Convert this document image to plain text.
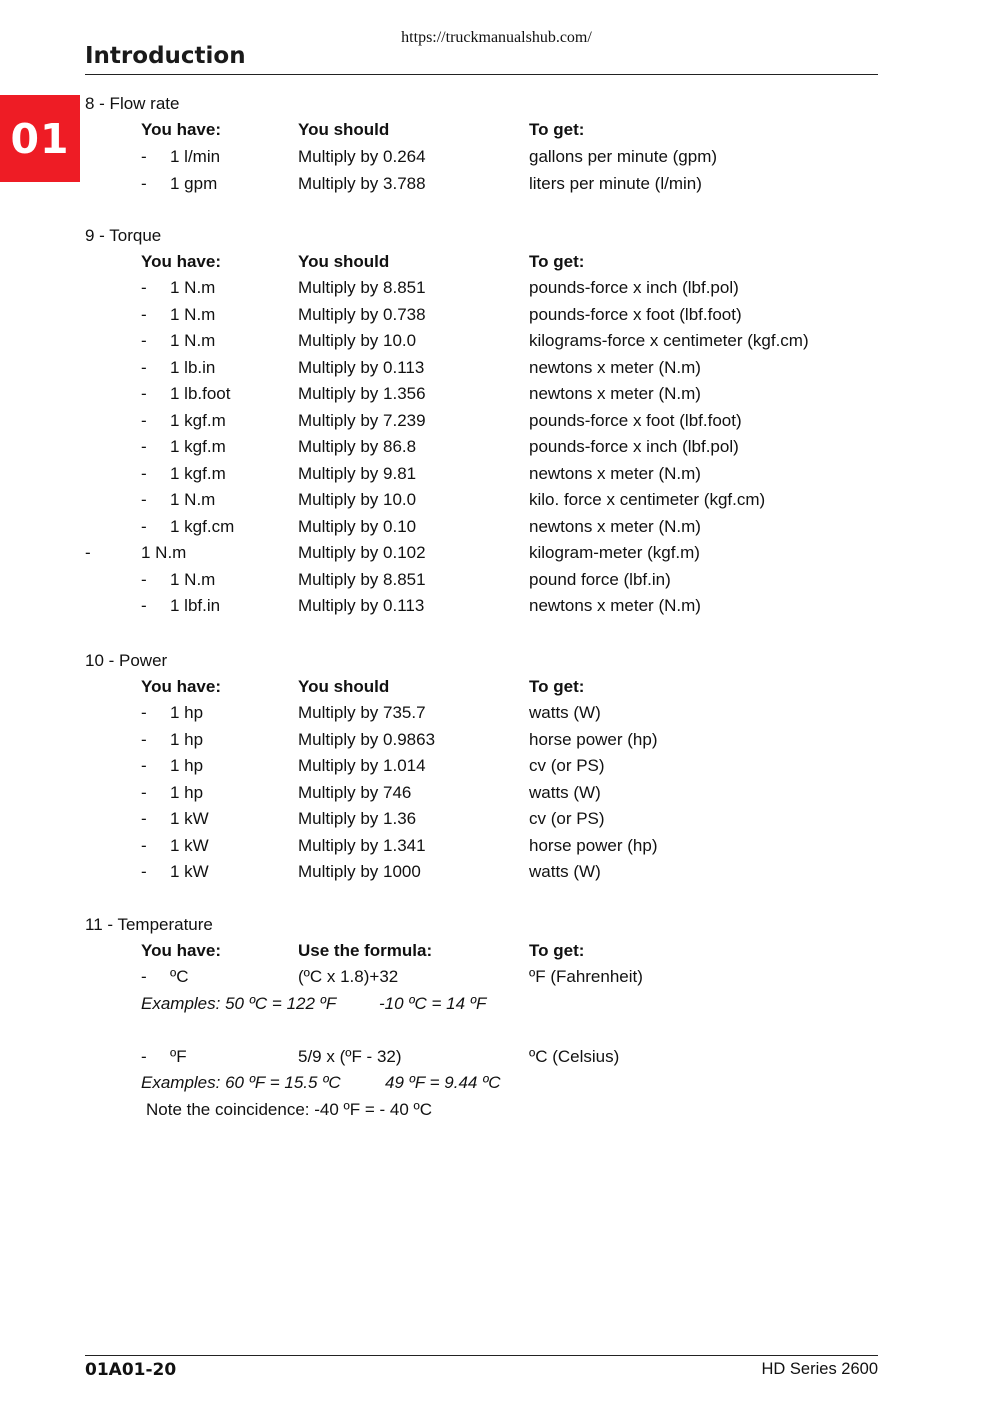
https://truckmanualshub.com/
Introduction
01
8 - Flow rate
You have:	You should	To get:
- 1 l/min	Multiply by 0.264	gallons per minute (gpm)
- 1 gpm	Multiply by 3.788	liters per minute (l/min)
9 - Torque
You have:	You should	To get:
- 1 N.m	Multiply by 8.851	pounds-force x inch (lbf.pol)
- 1 N.m	Multiply by 0.738	pounds-force x foot (lbf.foot)
- 1 N.m	Multiply by 10.0	kilograms-force x centimeter (kgf.cm)
- 1 lb.in	Multiply by 0.113	newtons x meter (N.m)
- 1 lb.foot	Multiply by 1.356	newtons x meter (N.m)
- 1 kgf.m	Multiply by 7.239	pounds-force x foot (lbf.foot)
- 1 kgf.m	Multiply by 86.8	pounds-force x inch (lbf.pol)
- 1 kgf.m	Multiply by 9.81	newtons x meter (N.m)
- 1 N.m	Multiply by 10.0	kilo. force x centimeter (kgf.cm)
- 1 kgf.cm	Multiply by 0.10	newtons x meter (N.m)
-	1 N.m	Multiply by 0.102	kilogram-meter (kgf.m)
- 1 N.m	Multiply by 8.851	pound force (lbf.in)
- 1 lbf.in	Multiply by 0.113	newtons x meter (N.m)
10 - Power
You have:	You should	To get:
- 1 hp	Multiply by 735.7	watts (W)
- 1 hp	Multiply by 0.9863	horse power (hp)
- 1 hp	Multiply by 1.014	cv (or PS)
- 1 hp	Multiply by 746	watts (W)
- 1 kW	Multiply by 1.36	cv (or PS)
- 1 kW	Multiply by 1.341	horse power (hp)
- 1 kW	Multiply by 1000	watts (W)
11 - Temperature
You have:	Use the formula:	To get:
- ºC	(ºC x 1.8)+32	ºF (Fahrenheit)
Examples: 50 ºC = 122 ºF	-10 ºC = 14 ºF
- ºF	5/9 x (ºF - 32)	ºC (Celsius)
Examples: 60 ºF = 15.5 ºC	49 ºF = 9.44 ºC
Note the coincidence: -40 ºF = - 40 ºC
01A01-20	HD Series 2600
